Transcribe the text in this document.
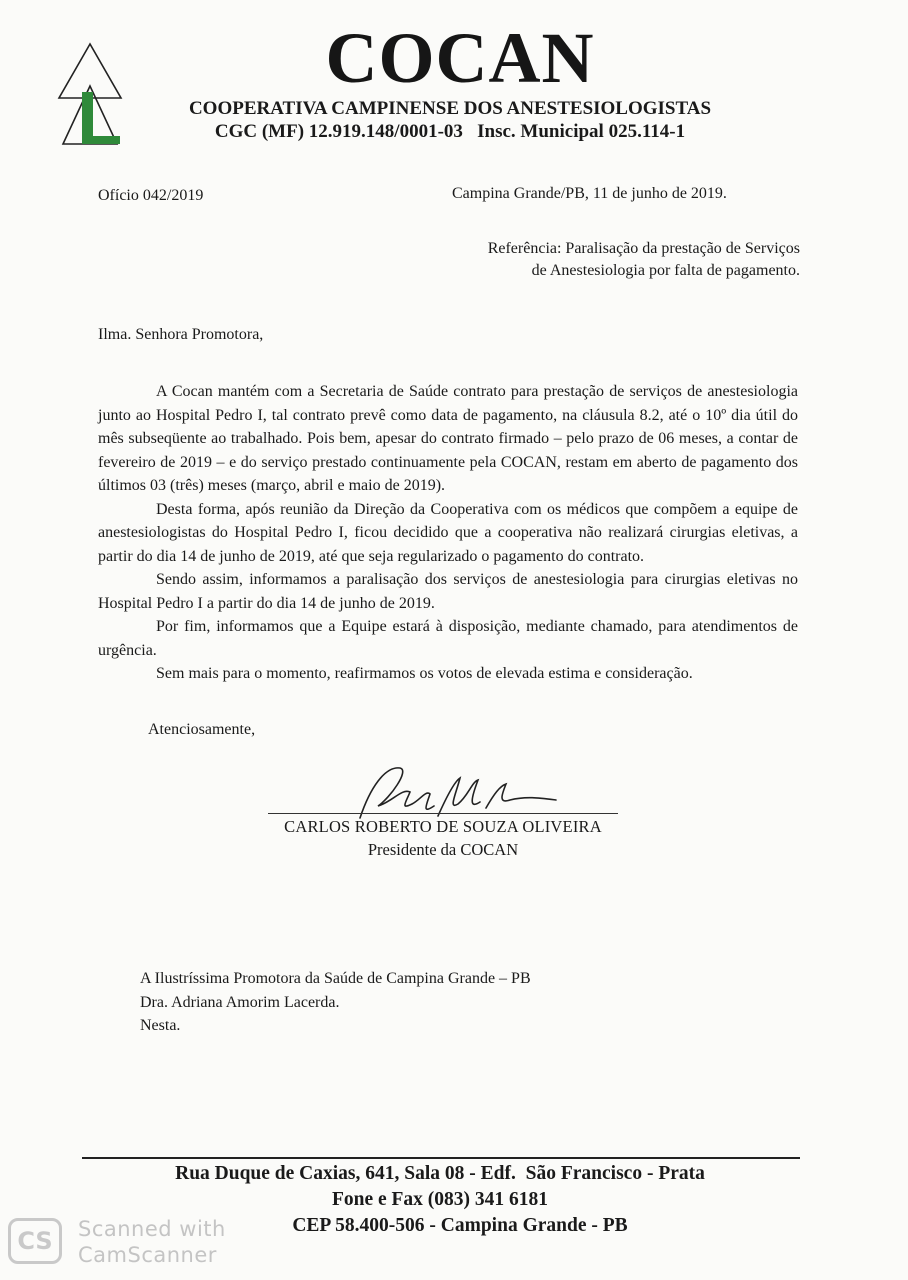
COCAN
COOPERATIVA CAMPINENSE DOS ANESTESIOLOGISTAS
CGC (MF) 12.919.148/0001-03   Insc. Municipal 025.114-1
Ofício 042/2019	Campina Grande/PB, 11 de junho de 2019.
Referência: Paralisação da prestação de Serviços
de Anestesiologia por falta de pagamento.
Ilma. Senhora Promotora,

A Cocan mantém com a Secretaria de Saúde contrato para prestação de serviços de anestesiologia junto ao Hospital Pedro I, tal contrato prevê como data de pagamento, na cláusula 8.2, até o 10º dia útil do mês subseqüente ao trabalhado. Pois bem, apesar do contrato firmado – pelo prazo de 06 meses, a contar de fevereiro de 2019 – e do serviço prestado continuamente pela COCAN, restam em aberto de pagamento dos últimos 03 (três) meses (março, abril e maio de 2019).

Desta forma, após reunião da Direção da Cooperativa com os médicos que compõem a equipe de anestesiologistas do Hospital Pedro I, ficou decidido que a cooperativa não realizará cirurgias eletivas, a partir do dia 14 de junho de 2019, até que seja regularizado o pagamento do contrato.

Sendo assim, informamos a paralisação dos serviços de anestesiologia para cirurgias eletivas no Hospital Pedro I a partir do dia 14 de junho de 2019.

Por fim, informamos que a Equipe estará à disposição, mediante chamado, para atendimentos de urgência.

Sem mais para o momento, reafirmamos os votos de elevada estima e consideração.

Atenciosamente,
CARLOS ROBERTO DE SOUZA OLIVEIRA
Presidente da COCAN
A Ilustríssima Promotora da Saúde de Campina Grande – PB
Dra. Adriana Amorim Lacerda.
Nesta.
Rua Duque de Caxias, 641, Sala 08 - Edf.  São Francisco - Prata
Fone e Fax (083) 341 6181
CEP 58.400-506 - Campina Grande - PB
CS	Scanned with
CamScanner
